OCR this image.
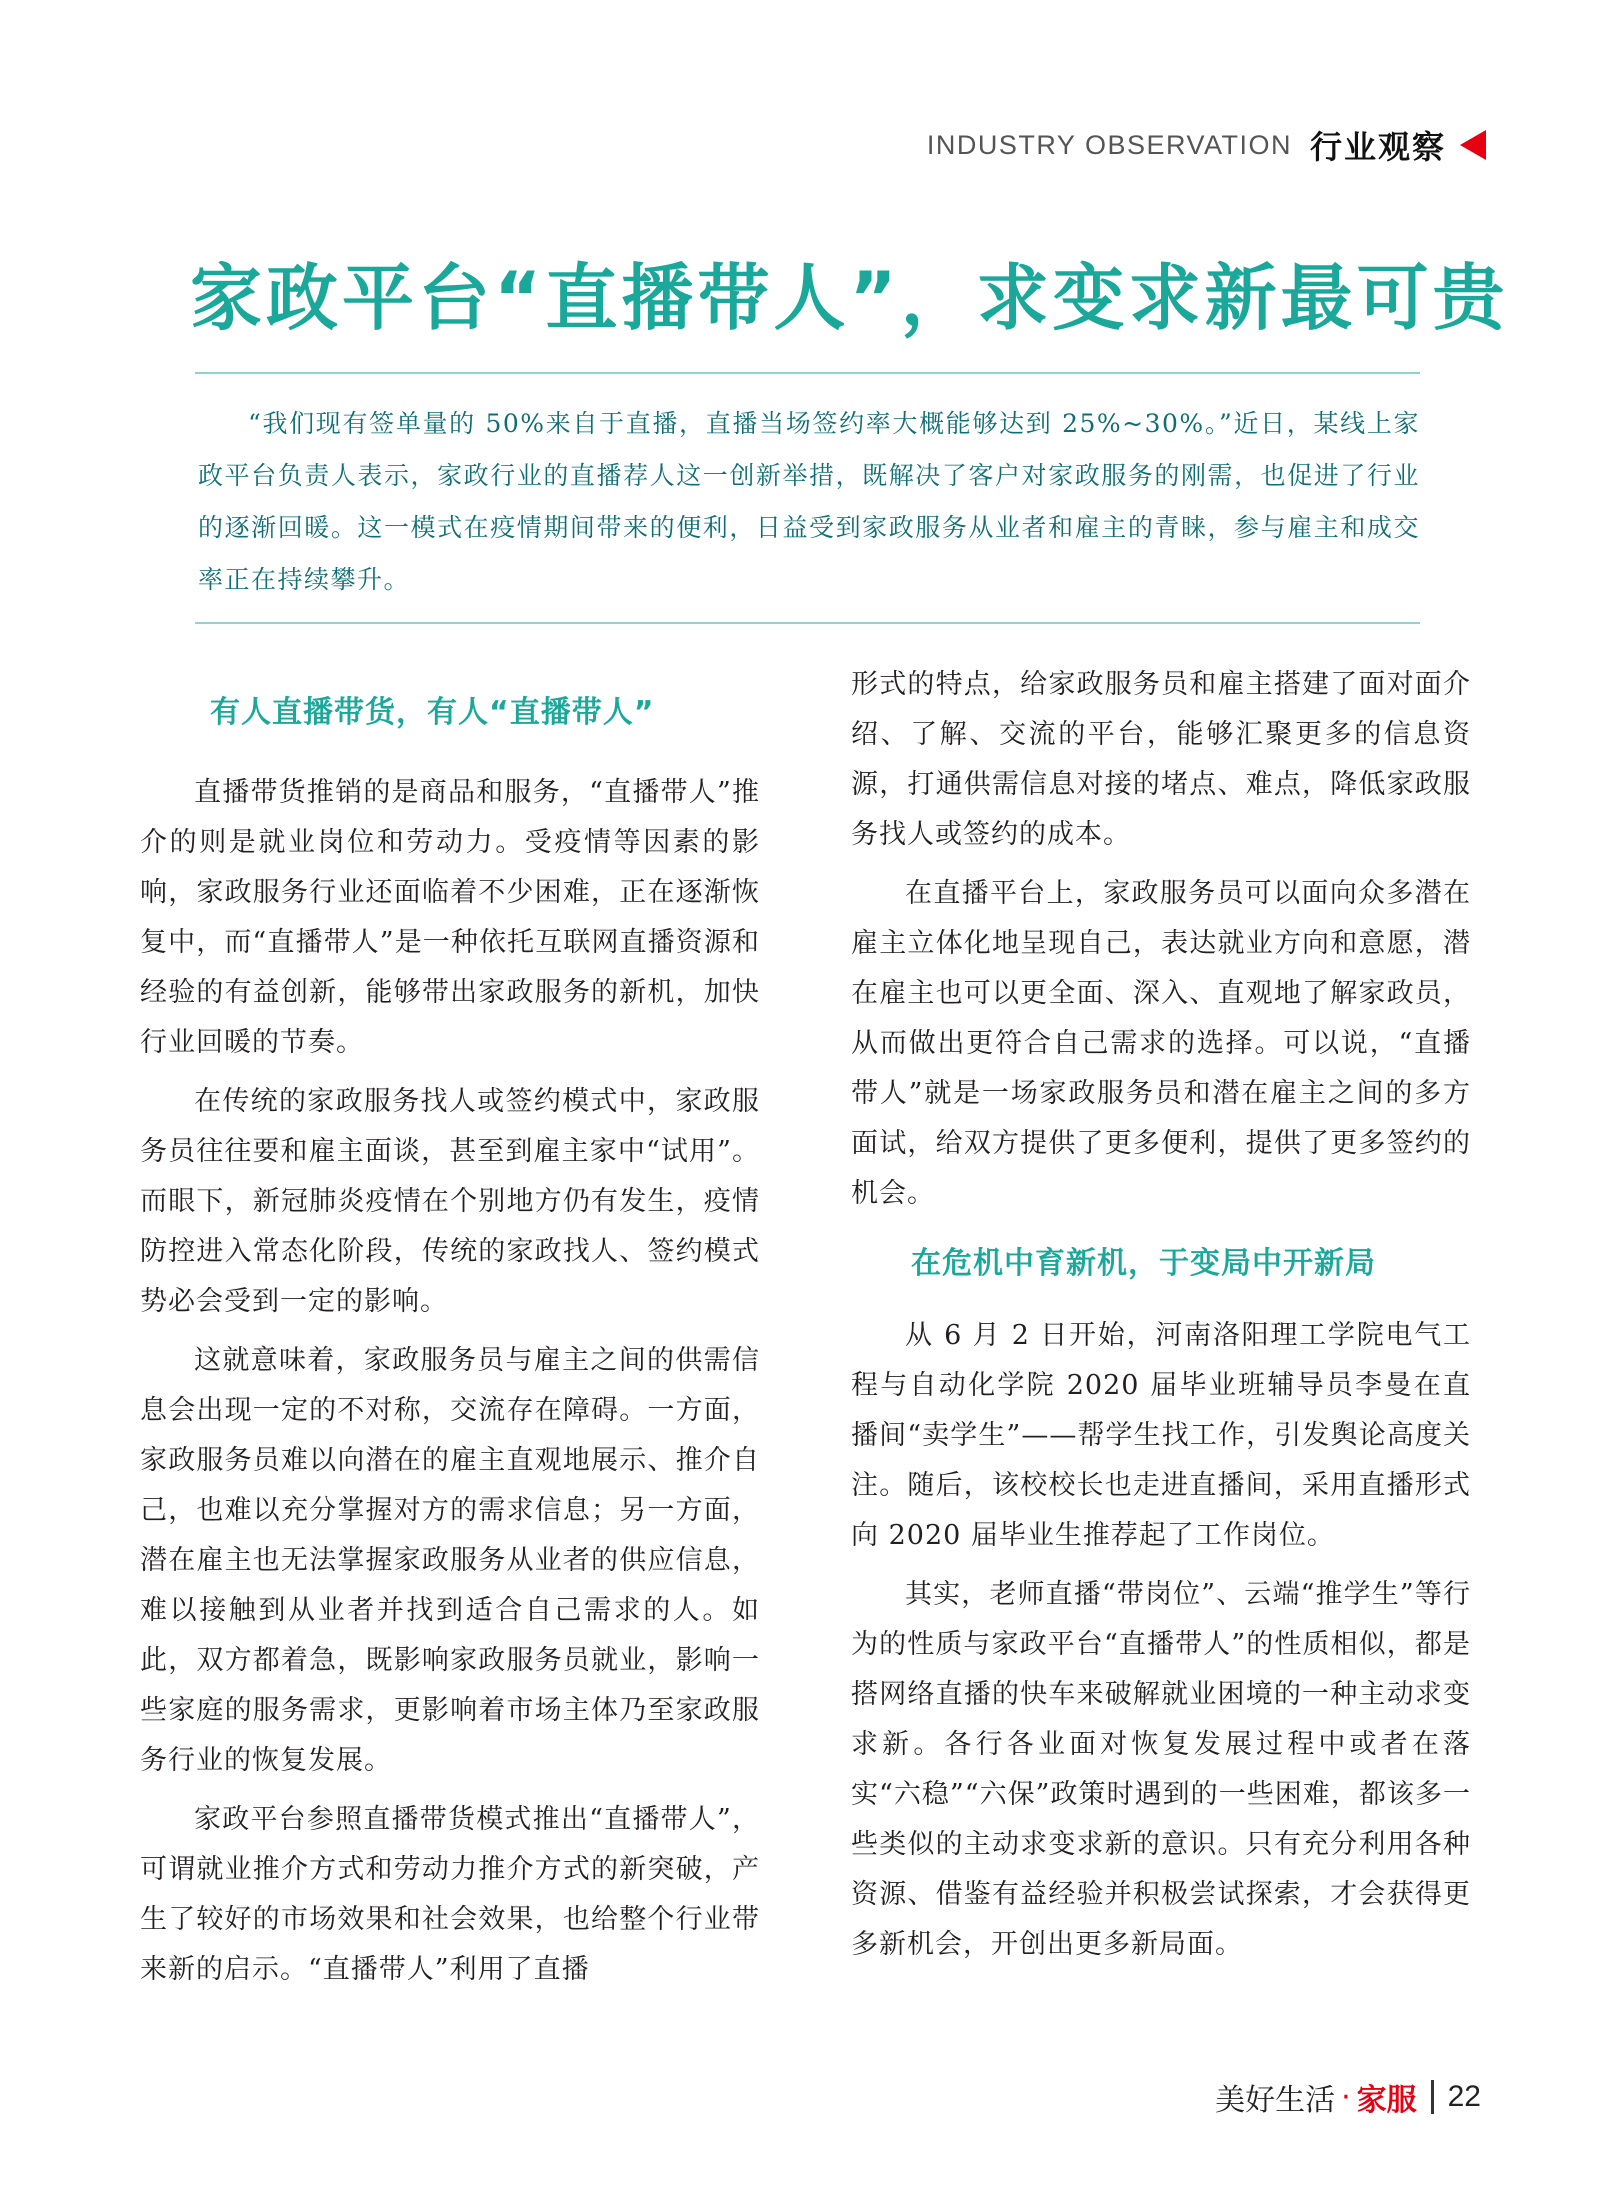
INDUSTRY OBSERVATION 行业观察
家政平台“直播带人”，求变求新最可贵

“我们现有签单量的 50%来自于直播，直播当场签约率大概能够达到 25%~30%。”近日，某线上家政平台负责人表示，家政行业的直播荐人这一创新举措，既解决了客户对家政服务的刚需，也促进了行业的逐渐回暖。这一模式在疫情期间带来的便利，日益受到家政服务从业者和雇主的青睐，参与雇主和成交率正在持续攀升。

有人直播带货，有人“直播带人”

直播带货推销的是商品和服务，“直播带人”推介的则是就业岗位和劳动力。受疫情等因素的影响，家政服务行业还面临着不少困难，正在逐渐恢复中，而“直播带人”是一种依托互联网直播资源和经验的有益创新，能够带出家政服务的新机，加快行业回暖的节奏。

在传统的家政服务找人或签约模式中，家政服务员往往要和雇主面谈，甚至到雇主家中“试用”。而眼下，新冠肺炎疫情在个别地方仍有发生，疫情防控进入常态化阶段，传统的家政找人、签约模式势必会受到一定的影响。

这就意味着，家政服务员与雇主之间的供需信息会出现一定的不对称，交流存在障碍。一方面，家政服务员难以向潜在的雇主直观地展示、推介自己，也难以充分掌握对方的需求信息；另一方面，潜在雇主也无法掌握家政服务从业者的供应信息，难以接触到从业者并找到适合自己需求的人。如此，双方都着急，既影响家政服务员就业，影响一些家庭的服务需求，更影响着市场主体乃至家政服务行业的恢复发展。

家政平台参照直播带货模式推出“直播带人”，可谓就业推介方式和劳动力推介方式的新突破，产生了较好的市场效果和社会效果，也给整个行业带来新的启示。“直播带人”利用了直播

形式的特点，给家政服务员和雇主搭建了面对面介绍、了解、交流的平台，能够汇聚更多的信息资源，打通供需信息对接的堵点、难点，降低家政服务找人或签约的成本。

在直播平台上，家政服务员可以面向众多潜在雇主立体化地呈现自己，表达就业方向和意愿，潜在雇主也可以更全面、深入、直观地了解家政员，从而做出更符合自己需求的选择。可以说，“直播带人”就是一场家政服务员和潜在雇主之间的多方面试，给双方提供了更多便利，提供了更多签约的机会。

在危机中育新机，于变局中开新局

从 6 月 2 日开始，河南洛阳理工学院电气工程与自动化学院 2020 届毕业班辅导员李曼在直播间“卖学生”——帮学生找工作，引发舆论高度关注。随后，该校校长也走进直播间，采用直播形式向 2020 届毕业生推荐起了工作岗位。

其实，老师直播“带岗位”、云端“推学生”等行为的性质与家政平台“直播带人”的性质相似，都是搭网络直播的快车来破解就业困境的一种主动求变求新。各行各业面对恢复发展过程中或者在落实“六稳”“六保”政策时遇到的一些困难，都该多一些类似的主动求变求新的意识。只有充分利用各种资源、借鉴有益经验并积极尝试探索，才会获得更多新机会，开创出更多新局面。

美好生活 · 家服 22
